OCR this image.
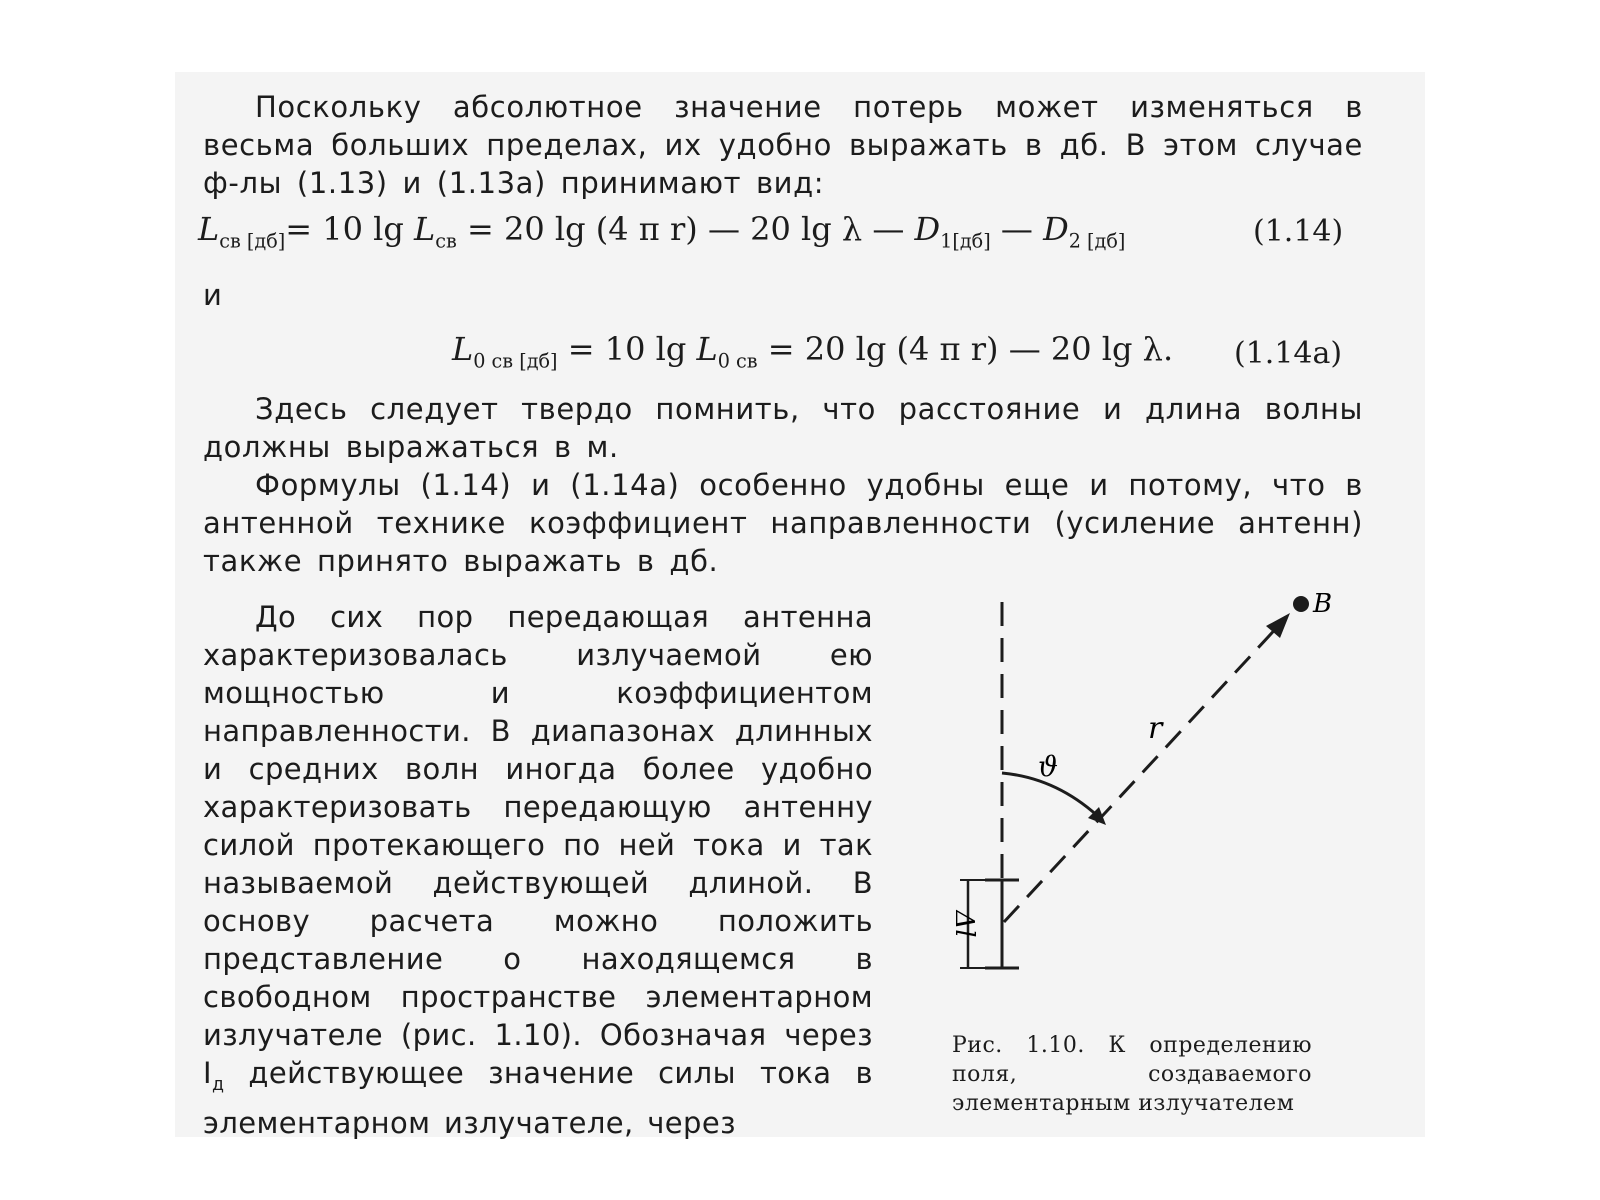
Поскольку абсолютное значение потерь может изменяться в весьма больших пределах, их удобно выражать в дб. В этом случае ф-лы (1.13) и (1.13а) принимают вид:
$L_{св [дб]}= 10$ $\lg L_{св} = 20$ lg (4 π r) — 20 lg λ — $D_{1[дб]}$ — $D_{2 [дб]}$	(1.14)
и
$L_{0 св [дб]} = 10$ $\lg L_{0 св} = 20$ lg (4 π r) — 20 lg λ. (1.14а)
Здесь следует твердо помнить, что расстояние и длина волны должны выражаться в м.
Формулы (1.14) и (1.14а) особенно удобны еще и потому, что в антенной технике коэффициент направленности (усиление антенн) также принято выражать в дб.
До сих пор передающая антенна характеризовалась излучаемой ею мощностью и коэффициентом направленности. В диапазонах длинных и средних волн иногда более удобно характеризовать передающую антенну силой протекающего по ней тока и так называемой действующей длиной. В основу расчета можно положить представление о находящемся в свободном пространстве элементарном излучателе (рис. 1.10). Обозначая через $I_д$ действующее значение силы тока в элементарном излучателе, через
Δl
B
r
ϑ
Рис. 1.10. К определению поля, создаваемого элементарным излучателем
